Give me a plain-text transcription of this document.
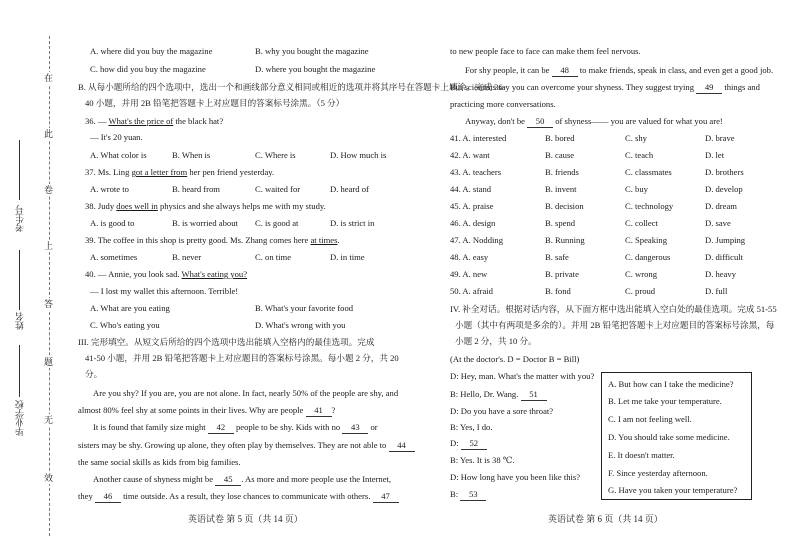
在
此
卷
上
答
题
无
效
考生号
姓名
毕业学校
A. where did you buy the magazine	B. why you bought the magazine
C. how did you buy the magazine	D. where you bought the magazine
B. 从每小题所给的四个选项中，选出一个和画线部分意义相同或相近的选项并将其序号在答题卡上填涂。完成 36-
40 小题，并用 2B 铅笔把答题卡上对应题目的答案标号涂黑。（5 分）
36. — What's the price of the black hat?
— It's 20 yuan.
A. What color is	B. When is	C. Where is	D. How much is
37. Ms. Ling got a letter from her pen friend yesterday.
A. wrote to	B. heard from	C. waited for	D. heard of
38. Judy does well in physics and she always helps me with my study.
A. is good to	B. is worried about C. is good at	D. is strict in
39. The coffee in this shop is pretty good. Ms. Zhang comes here at times.
A. sometimes	B. never	C. on time	D. in time
40. — Annie, you look sad. What's eating you?
— I lost my wallet this afternoon. Terrible!
A. What are you eating	B. What's your favorite food
C. Who's eating you	D. What's wrong with you
III. 完形填空。从短文后所给的四个选项中选出能填入空格内的最佳选项。完成
41-50 小题，并用 2B 铅笔把答题卡上对应题目的答案标号涂黑。每小题 2 分，共 20
分。
Are you shy? If you are, you are not alone. In fact, nearly 50% of the people are shy, and
almost 80% feel shy at some points in their lives. Why are people 41 ?
It is found that family size might 42 people to be shy. Kids with no 43 or
sisters may be shy. Growing up alone, they often play by themselves. They are not able to 44
the same social skills as kids from big families.
Another cause of shyness might be 45 . As more and more people use the Internet,
they 46 time outside. As a result, they lose chances to communicate with others. 47
英语试卷 第 5 页（共 14 页）
to new people face to face can make them feel nervous.
For shy people, it can be 48 to make friends, speak in class, and even get a good job.
But scientists say you can overcome your shyness. They suggest trying 49 things and
practicing more conversations.
Anyway, don't be 50 of shyness—— you are valued for what you are!
41. A. interested	B. bored	C. shy	D. brave
42. A. want	B. cause	C. teach	D. let
43. A. teachers	B. friends	C. classmates	D. brothers
44. A. stand	B. invent	C. buy	D. develop
45. A. praise	B. decision	C. technology	D. dream
46. A. design	B. spend	C. collect	D. save
47. A. Nodding	B. Running	C. Speaking	D. Jumping
48. A. easy	B. safe	C. dangerous	D. difficult
49. A. new	B. private	C. wrong	D. heavy
50. A. afraid	B. fond	C. proud	D. full
IV. 补全对话。根据对话内容，从下面方框中选出能填入空白处的最佳选项。完成 51-55
小题（其中有两项是多余的）。并用 2B 铅笔把答题卡上对应题目的答案标号涂黑，每
小题 2 分，共 10 分。
(At the doctor's. D = Doctor B = Bill)
D: Hey, man. What's the matter with you?
B: Hello, Dr. Wang. 51
D: Do you have a sore throat?
B: Yes, I do.
D: 52
B: Yes. It is 38 ℃.
D: How long have you been like this?
B: 53
A. But how can I take the medicine?
B. Let me take your temperature.
C. I am not feeling well.
D. You should take some medicine.
E. It doesn't matter.
F. Since yesterday afternoon.
G. Have you taken your temperature?
英语试卷 第 6 页（共 14 页）
